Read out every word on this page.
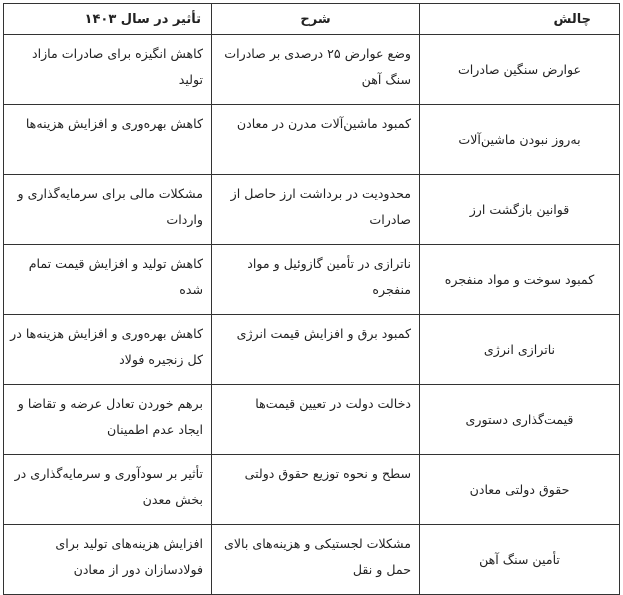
چالش	شرح	تأثیر در سال ۱۴۰۳
عوارض سنگین صادرات	وضع عوارض ۲۵ درصدی بر صادرات سنگ آهن	کاهش انگیزه برای صادرات مازاد تولید
به‌روز نبودن ماشین‌آلات	کمبود ماشین‌آلات مدرن در معادن	کاهش بهره‌وری و افزایش هزینه‌ها
قوانین بازگشت ارز	محدودیت در برداشت ارز حاصل از صادرات	مشکلات مالی برای سرمایه‌گذاری و واردات
کمبود سوخت و مواد منفجره	ناترازی در تأمین گازوئیل و مواد منفجره	کاهش تولید و افزایش قیمت تمام شده
ناترازی انرژی	کمبود برق و افزایش قیمت انرژی	کاهش بهره‌وری و افزایش هزینه‌ها در کل زنجیره فولاد
قیمت‌گذاری دستوری	دخالت دولت در تعیین قیمت‌ها	برهم خوردن تعادل عرضه و تقاضا و ایجاد عدم اطمینان
حقوق دولتی معادن	سطح و نحوه توزیع حقوق دولتی	تأثیر بر سودآوری و سرمایه‌گذاری در بخش معدن
تأمین سنگ آهن	مشکلات لجستیکی و هزینه‌های بالای حمل و نقل	افزایش هزینه‌های تولید برای فولادسازان دور از معادن
